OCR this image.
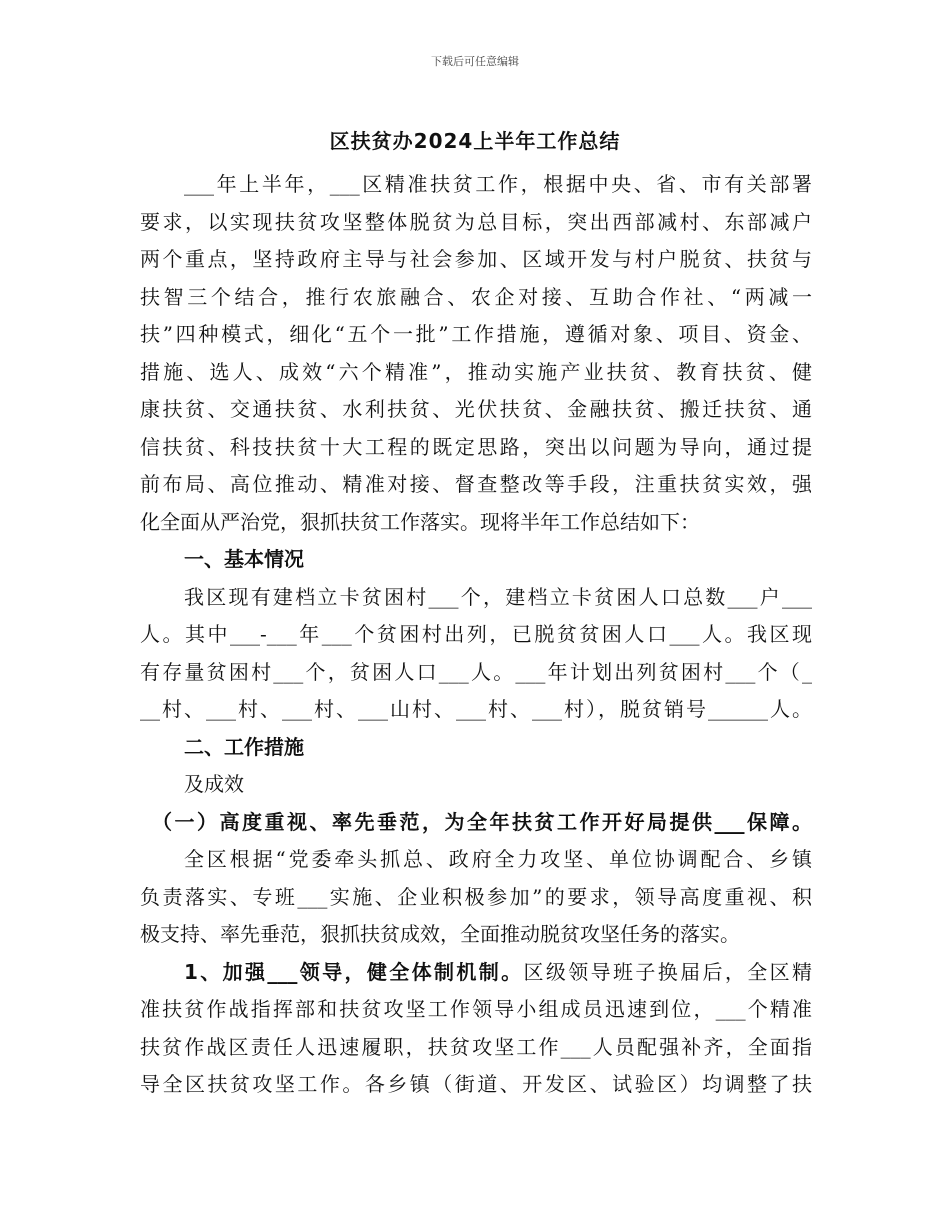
下载后可任意编辑
区扶贫办2024上半年工作总结
___年上半年，___区精准扶贫工作，根据中央、省、市有关部署
要求，以实现扶贫攻坚整体脱贫为总目标，突出西部减村、东部减户
两个重点，坚持政府主导与社会参加、区域开发与村户脱贫、扶贫与
扶智三个结合，推行农旅融合、农企对接、互助合作社、“两减一
扶”四种模式，细化“五个一批”工作措施，遵循对象、项目、资金、
措施、选人、成效“六个精准”，推动实施产业扶贫、教育扶贫、健
康扶贫、交通扶贫、水利扶贫、光伏扶贫、金融扶贫、搬迁扶贫、通
信扶贫、科技扶贫十大工程的既定思路，突出以问题为导向，通过提
前布局、高位推动、精准对接、督查整改等手段，注重扶贫实效，强
化全面从严治党，狠抓扶贫工作落实。现将半年工作总结如下：
一、基本情况
我区现有建档立卡贫困村___个，建档立卡贫困人口总数___户___
人。其中___-___年___个贫困村出列，已脱贫贫困人口___人。我区现
有存量贫困村___个，贫困人口___人。___年计划出列贫困村___个（_
__村、___村、___村、___山村、___村、___村），脱贫销号______人。
二、工作措施
及成效
（一）高度重视、率先垂范，为全年扶贫工作开好局提供___保障。
全区根据“党委牵头抓总、政府全力攻坚、单位协调配合、乡镇
负责落实、专班___实施、企业积极参加”的要求，领导高度重视、积
极支持、率先垂范，狠抓扶贫成效，全面推动脱贫攻坚任务的落实。
1、加强___领导，健全体制机制。区级领导班子换届后，全区精
准扶贫作战指挥部和扶贫攻坚工作领导小组成员迅速到位，___个精准
扶贫作战区责任人迅速履职，扶贫攻坚工作___人员配强补齐，全面指
导全区扶贫攻坚工作。各乡镇（街道、开发区、试验区）均调整了扶
